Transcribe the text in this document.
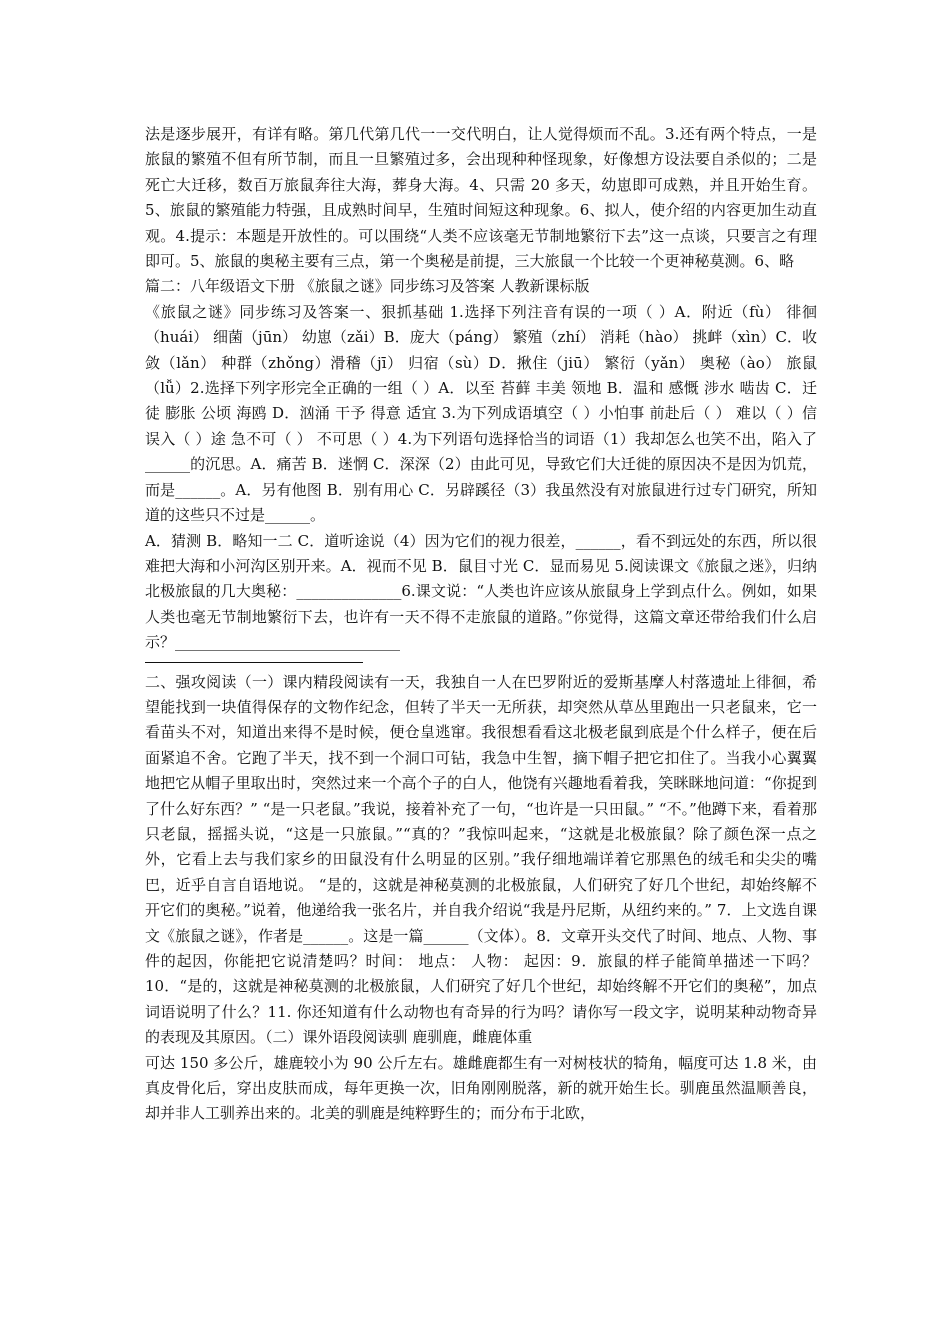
法是逐步展开，有详有略。第几代第几代一一交代明白，让人觉得烦而不乱。3.还有两个特点，一是旅鼠的繁殖不但有所节制，而且一旦繁殖过多，会出现种种怪现象，好像想方设法要自杀似的；二是死亡大迁移，数百万旅鼠奔往大海，葬身大海。4、只需 20 多天，幼崽即可成熟，并且开始生育。5、旅鼠的繁殖能力特强，且成熟时间早，生殖时间短这种现象。6、拟人，使介绍的内容更加生动直观。4.提示：本题是开放性的。可以围绕“人类不应该毫无节制地繁衍下去”这一点谈，只要言之有理即可。5、旅鼠的奥秘主要有三点，第一个奥秘是前提，三大旅鼠一个比较一个更神秘莫测。6、略

篇二：八年级语文下册 《旅鼠之谜》同步练习及答案 人教新课标版

《旅鼠之谜》同步练习及答案一、狠抓基础 1.选择下列注音有误的一项（ ）A．附近（fù） 徘徊（huái） 细菌（jūn） 幼崽（zǎi）B．庞大（páng） 繁殖（zhí） 消耗（hào） 挑衅（xìn）C．收敛（lǎn） 种群（zhǒng）滑稽（jī） 归宿（sù）D．揪住（jiū） 繁衍（yǎn） 奥秘（ào） 旅鼠（lǚ）2.选择下列字形完全正确的一组（ ）A．以至 苔藓 丰美 领地 B．温和 感慨 涉水 啮齿 C．迁徒 膨胀 公顷 海鸥 D．汹涌 干予 得意 适宜 3.为下列成语填空（ ）小怕事 前赴后（ ） 难以（ ）信 误入（ ）途 急不可（ ） 不可思（ ）4.为下列语句选择恰当的词语（1）我却怎么也笑不出，陷入了______的沉思。A．痛苦 B．迷惘 C．深深（2）由此可见，导致它们大迁徙的原因决不是因为饥荒，而是______。A．另有他图 B．别有用心 C．另辟蹊径（3）我虽然没有对旅鼠进行过专门研究，所知道的这些只不过是______。

A．猜测 B．略知一二 C．道听途说（4）因为它们的视力很差，______，看不到远处的东西，所以很难把大海和小河沟区别开来。A．视而不见 B．鼠目寸光 C．显而易见 5.阅读课文《旅鼠之迷》，归纳北极旅鼠的几大奥秘：______________6.课文说：“人类也许应该从旅鼠身上学到点什么。例如，如果人类也毫无节制地繁衍下去，也许有一天不得不走旅鼠的道路。”你觉得，这篇文章还带给我们什么启示？______________________________

二、强攻阅读（一）课内精段阅读有一天，我独自一人在巴罗附近的爱斯基摩人村落遗址上徘徊，希望能找到一块值得保存的文物作纪念，但转了半天一无所获，却突然从草丛里跑出一只老鼠来，它一看苗头不对，知道出来得不是时候，便仓皇逃窜。我很想看看这北极老鼠到底是个什么样子，便在后面紧追不舍。它跑了半天，找不到一个洞口可钻，我急中生智，摘下帽子把它扣住了。当我小心翼翼地把它从帽子里取出时，突然过来一个高个子的白人，他饶有兴趣地看着我，笑眯眯地问道：“你捉到了什么好东西？” “是一只老鼠。”我说，接着补充了一句，“也许是一只田鼠。” “不。”他蹲下来，看着那只老鼠，摇摇头说，“这是一只旅鼠。”“真的？”我惊叫起来，“这就是北极旅鼠？除了颜色深一点之外，它看上去与我们家乡的田鼠没有什么明显的区别。”我仔细地端详着它那黑色的绒毛和尖尖的嘴巴，近乎自言自语地说。 “是的，这就是神秘莫测的北极旅鼠，人们研究了好几个世纪，却始终解不开它们的奥秘。”说着，他递给我一张名片，并自我介绍说“我是丹尼斯，从纽约来的。” 7．上文选自课文《旅鼠之谜》，作者是______。这是一篇______（文体）。8．文章开头交代了时间、地点、人物、事件的起因，你能把它说清楚吗？时间： 地点： 人物： 起因：9．旅鼠的样子能简单描述一下吗？10．“是的，这就是神秘莫测的北极旅鼠，人们研究了好几个世纪，却始终解不开它们的奥秘”，加点词语说明了什么？11. 你还知道有什么动物也有奇异的行为吗？请你写一段文字，说明某种动物奇异的表现及其原因。（二）课外语段阅读驯 鹿驯鹿，雌鹿体重

可达 150 多公斤，雄鹿较小为 90 公斤左右。雄雌鹿都生有一对树枝状的犄角，幅度可达 1.8 米，由真皮骨化后，穿出皮肤而成，每年更换一次，旧角刚刚脱落，新的就开始生长。驯鹿虽然温顺善良，却并非人工驯养出来的。北美的驯鹿是纯粹野生的；而分布于北欧，
